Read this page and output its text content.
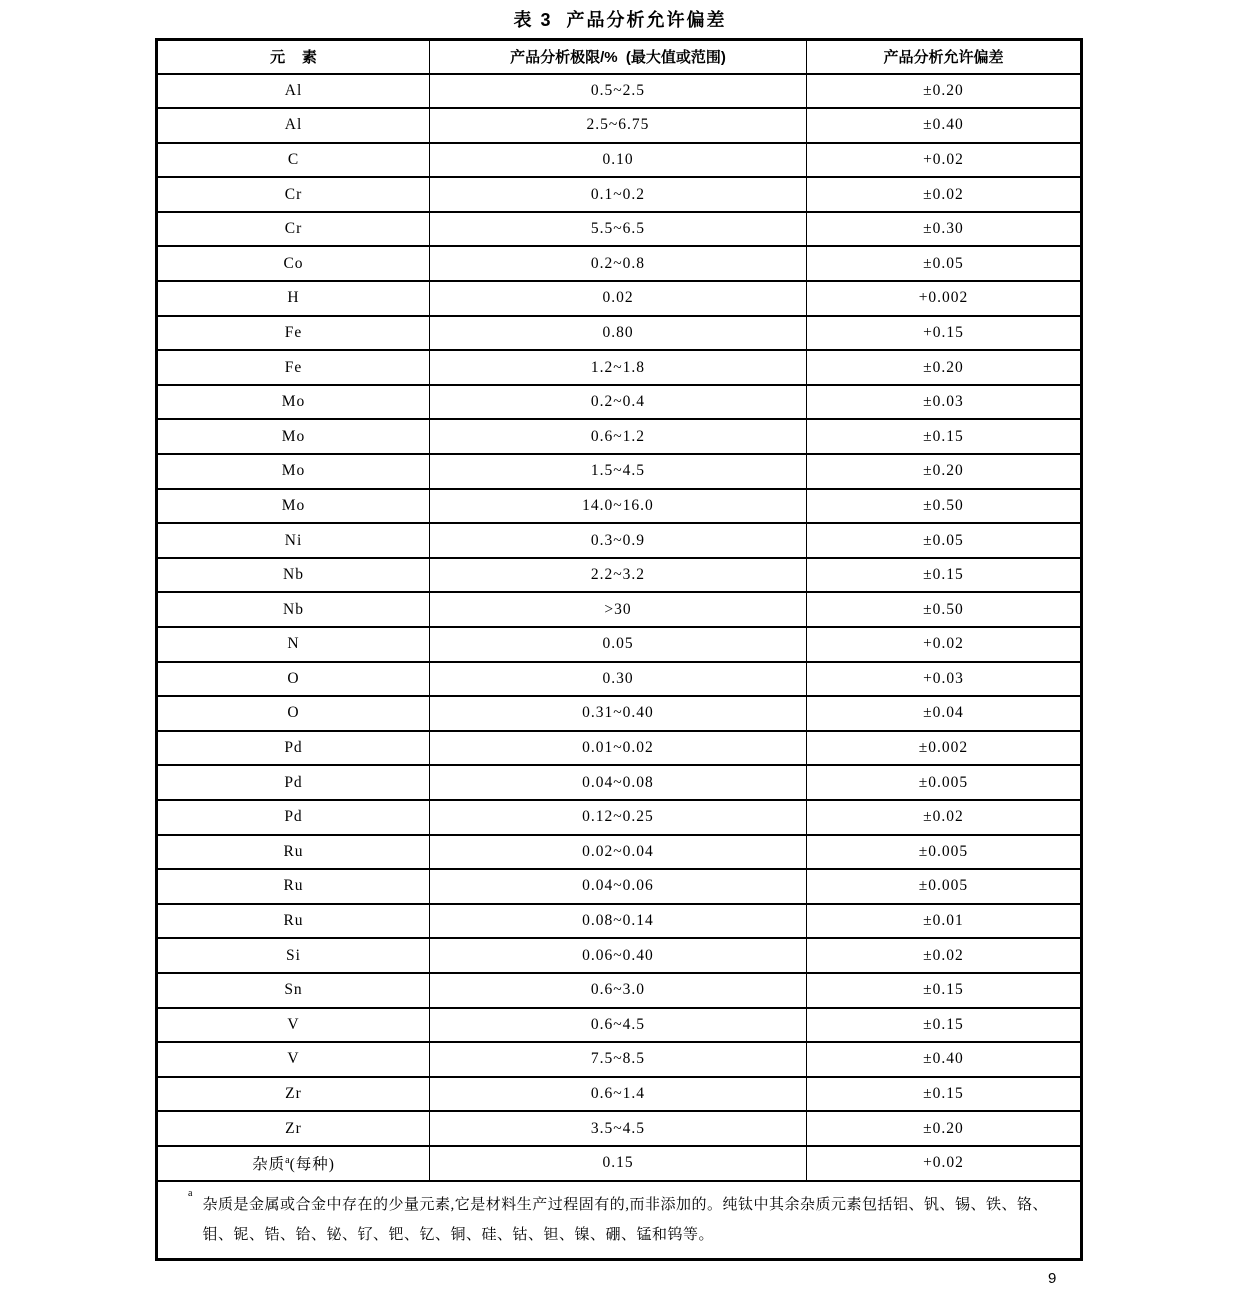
表 3  产品分析允许偏差
元    素	产品分析极限/%  (最大值或范围)	产品分析允许偏差
Al	0.5~2.5	±0.20
Al	2.5~6.75	±0.40
C	0.10	+0.02
Cr	0.1~0.2	±0.02
Cr	5.5~6.5	±0.30
Co	0.2~0.8	±0.05
H	0.02	+0.002
Fe	0.80	+0.15
Fe	1.2~1.8	±0.20
Mo	0.2~0.4	±0.03
Mo	0.6~1.2	±0.15
Mo	1.5~4.5	±0.20
Mo	14.0~16.0	±0.50
Ni	0.3~0.9	±0.05
Nb	2.2~3.2	±0.15
Nb	>30	±0.50
N	0.05	+0.02
O	0.30	+0.03
O	0.31~0.40	±0.04
Pd	0.01~0.02	±0.002
Pd	0.04~0.08	±0.005
Pd	0.12~0.25	±0.02
Ru	0.02~0.04	±0.005
Ru	0.04~0.06	±0.005
Ru	0.08~0.14	±0.01
Si	0.06~0.40	±0.02
Sn	0.6~3.0	±0.15
V	0.6~4.5	±0.15
V	7.5~8.5	±0.40
Zr	0.6~1.4	±0.15
Zr	3.5~4.5	±0.20
杂质$^a$(每种)	0.15	+0.02

$^a$
杂质是金属或合金中存在的少量元素,它是材料生产过程固有的,而非添加的。纯钛中其余杂质元素包括铝、钒、锡、铁、铬、钼、铌、锆、铪、铋、钌、钯、钇、铜、硅、钴、钽、镍、硼、锰和钨等。		
9
